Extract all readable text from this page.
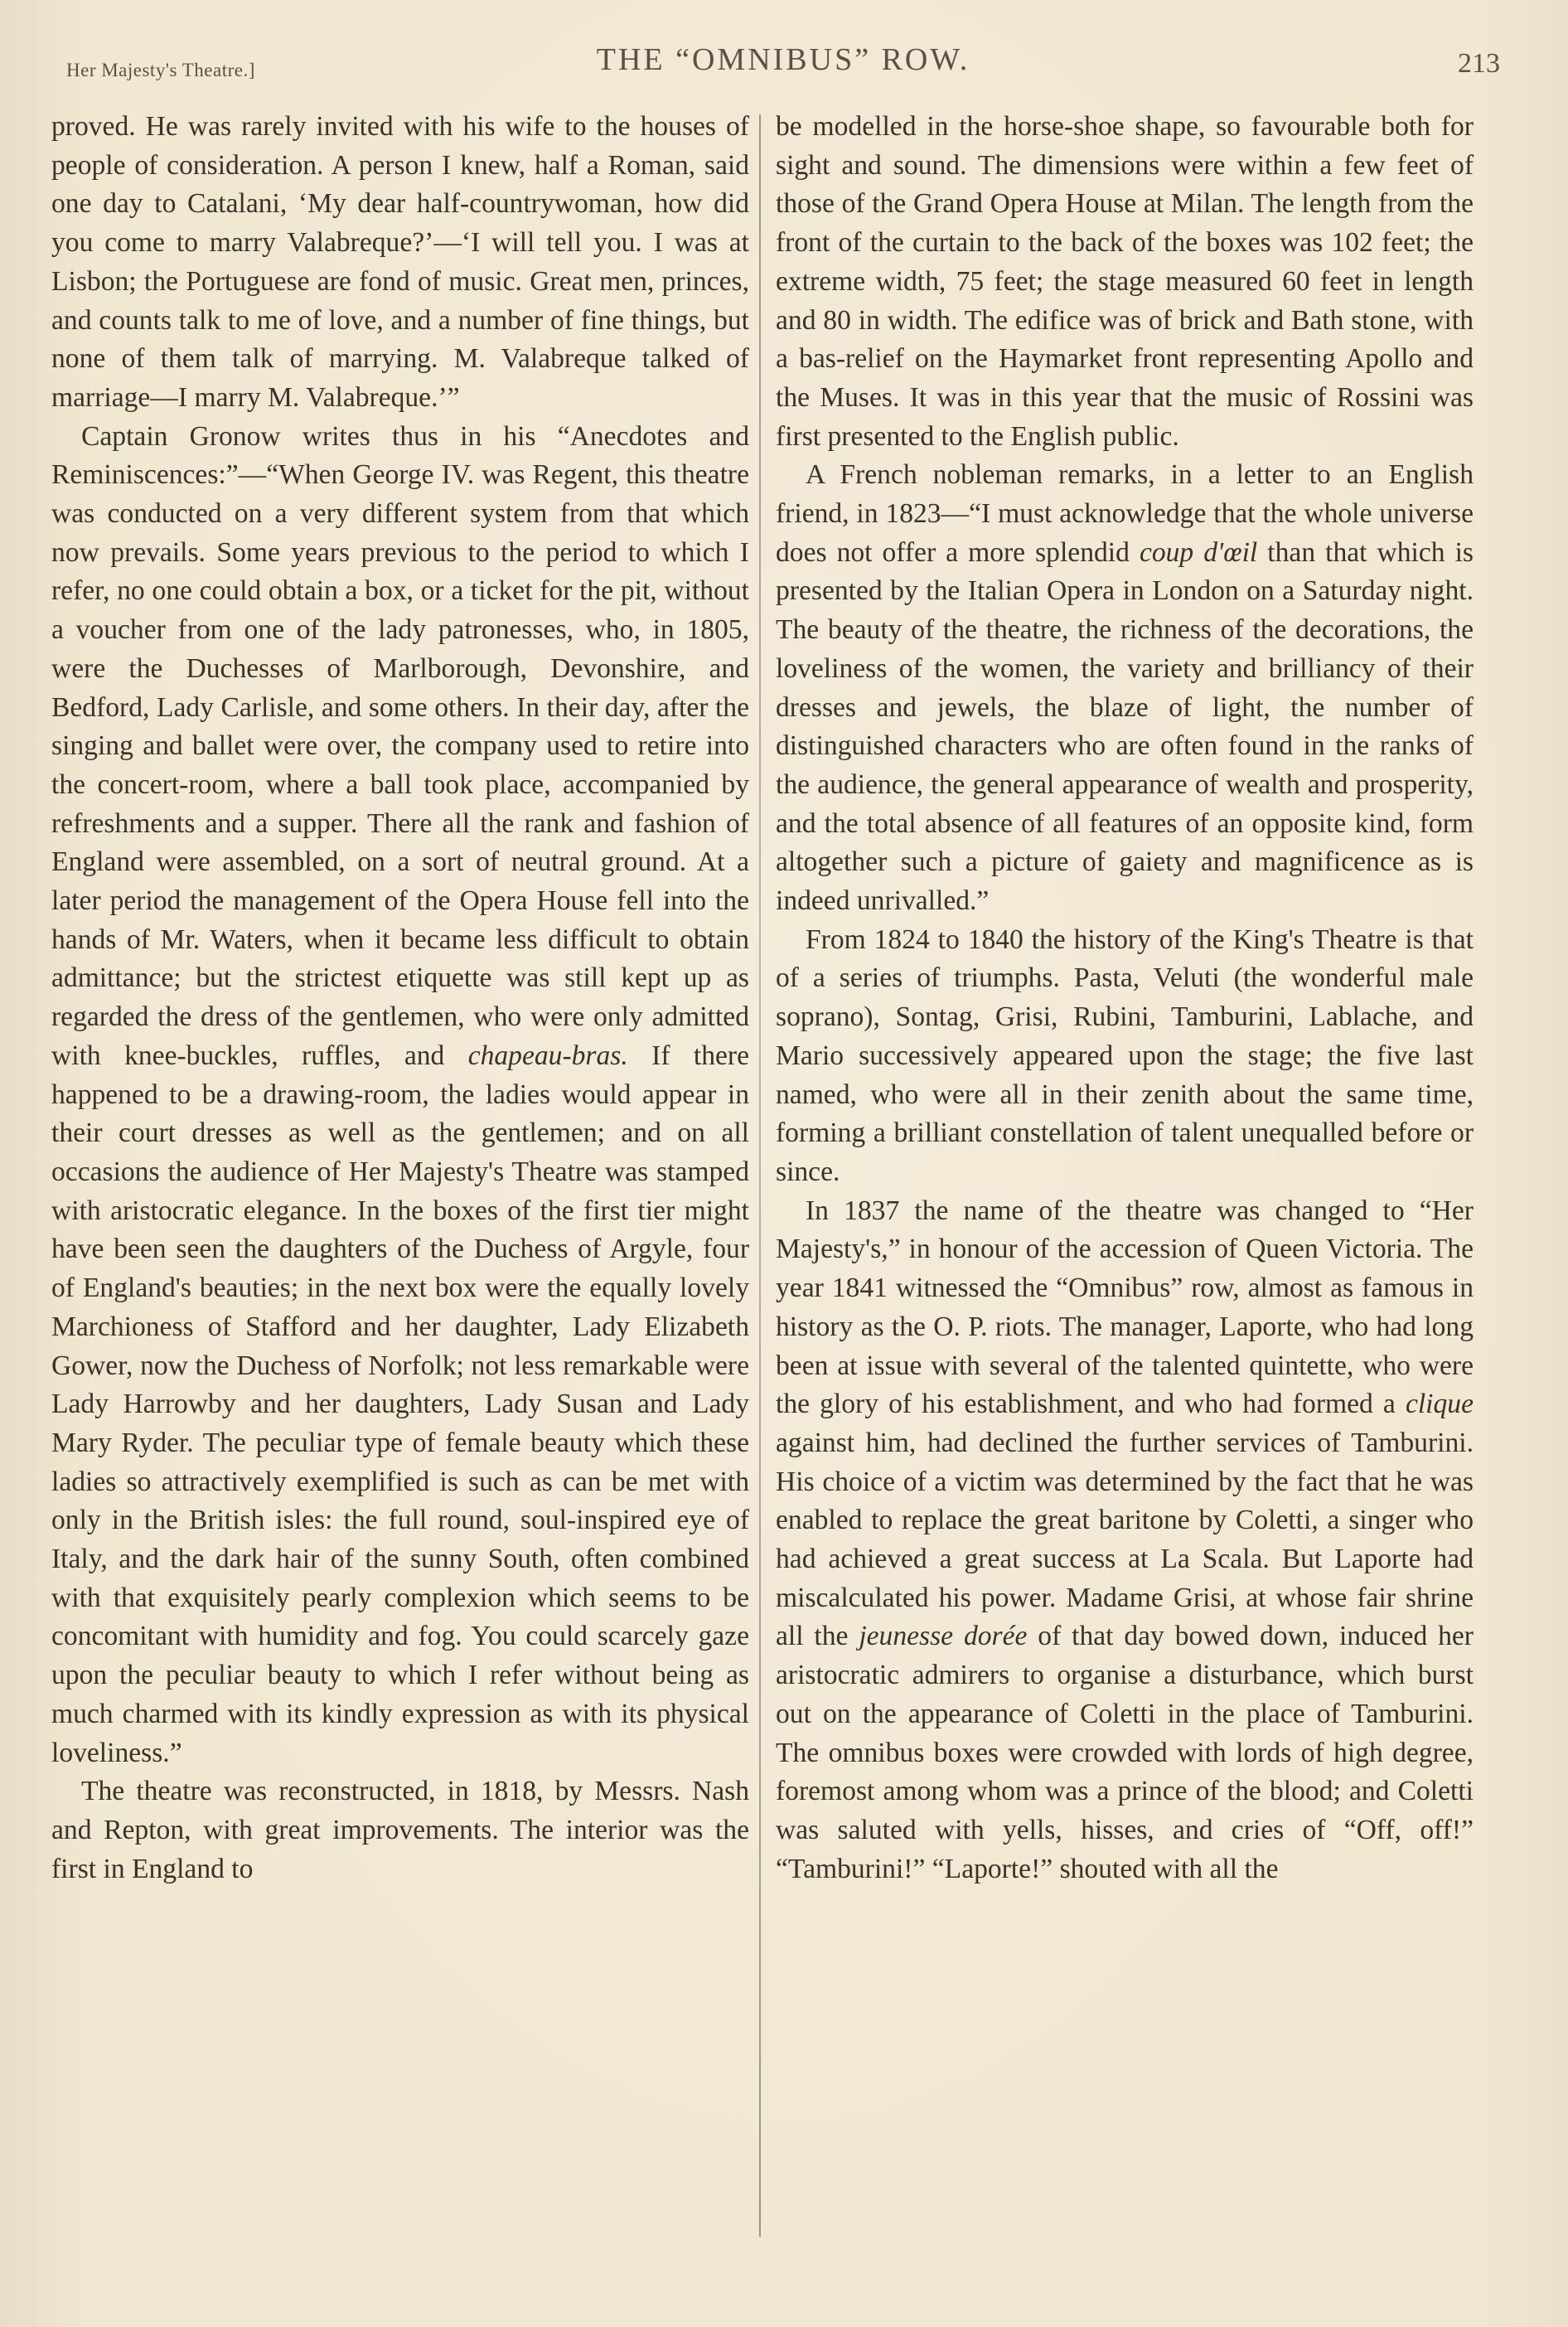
Her Majesty's Theatre.]	THE “OMNIBUS” ROW.	213

proved. He was rarely invited with his wife to the houses of people of consideration. A person I knew, half a Roman, said one day to Catalani, ‘My dear half-countrywoman, how did you come to marry Valabreque?’—‘I will tell you. I was at Lisbon; the Portuguese are fond of music. Great men, princes, and counts talk to me of love, and a number of fine things, but none of them talk of marrying. M. Valabreque talked of marriage—I marry M. Valabreque.’”

Captain Gronow writes thus in his “Anecdotes and Reminiscences:”—“When George IV. was Regent, this theatre was conducted on a very different system from that which now prevails. Some years previous to the period to which I refer, no one could obtain a box, or a ticket for the pit, without a voucher from one of the lady patronesses, who, in 1805, were the Duchesses of Marlborough, Devonshire, and Bedford, Lady Carlisle, and some others. In their day, after the singing and ballet were over, the company used to retire into the concert-room, where a ball took place, accompanied by refreshments and a supper. There all the rank and fashion of England were assembled, on a sort of neutral ground. At a later period the management of the Opera House fell into the hands of Mr. Waters, when it became less difficult to obtain admittance; but the strictest etiquette was still kept up as regarded the dress of the gentlemen, who were only admitted with knee-buckles, ruffles, and chapeau-bras. If there happened to be a drawing-room, the ladies would appear in their court dresses as well as the gentlemen; and on all occasions the audience of Her Majesty's Theatre was stamped with aristocratic elegance. In the boxes of the first tier might have been seen the daughters of the Duchess of Argyle, four of England's beauties; in the next box were the equally lovely Marchioness of Stafford and her daughter, Lady Elizabeth Gower, now the Duchess of Norfolk; not less remarkable were Lady Harrowby and her daughters, Lady Susan and Lady Mary Ryder. The peculiar type of female beauty which these ladies so attractively exemplified is such as can be met with only in the British isles: the full round, soul-inspired eye of Italy, and the dark hair of the sunny South, often combined with that exquisitely pearly complexion which seems to be concomitant with humidity and fog. You could scarcely gaze upon the peculiar beauty to which I refer without being as much charmed with its kindly expression as with its physical loveliness.”

The theatre was reconstructed, in 1818, by Messrs. Nash and Repton, with great improvements. The interior was the first in England to

be modelled in the horse-shoe shape, so favourable both for sight and sound. The dimensions were within a few feet of those of the Grand Opera House at Milan. The length from the front of the curtain to the back of the boxes was 102 feet; the extreme width, 75 feet; the stage measured 60 feet in length and 80 in width. The edifice was of brick and Bath stone, with a bas-relief on the Haymarket front representing Apollo and the Muses. It was in this year that the music of Rossini was first presented to the English public.

A French nobleman remarks, in a letter to an English friend, in 1823—“I must acknowledge that the whole universe does not offer a more splendid coup d'œil than that which is presented by the Italian Opera in London on a Saturday night. The beauty of the theatre, the richness of the decorations, the loveliness of the women, the variety and brilliancy of their dresses and jewels, the blaze of light, the number of distinguished characters who are often found in the ranks of the audience, the general appearance of wealth and prosperity, and the total absence of all features of an opposite kind, form altogether such a picture of gaiety and magnificence as is indeed unrivalled.”

From 1824 to 1840 the history of the King's Theatre is that of a series of triumphs. Pasta, Veluti (the wonderful male soprano), Sontag, Grisi, Rubini, Tamburini, Lablache, and Mario successively appeared upon the stage; the five last named, who were all in their zenith about the same time, forming a brilliant constellation of talent unequalled before or since.

In 1837 the name of the theatre was changed to “Her Majesty's,” in honour of the accession of Queen Victoria. The year 1841 witnessed the “Omnibus” row, almost as famous in history as the O. P. riots. The manager, Laporte, who had long been at issue with several of the talented quintette, who were the glory of his establishment, and who had formed a clique against him, had declined the further services of Tamburini. His choice of a victim was determined by the fact that he was enabled to replace the great baritone by Coletti, a singer who had achieved a great success at La Scala. But Laporte had miscalculated his power. Madame Grisi, at whose fair shrine all the jeunesse dorée of that day bowed down, induced her aristocratic admirers to organise a disturbance, which burst out on the appearance of Coletti in the place of Tamburini. The omnibus boxes were crowded with lords of high degree, foremost among whom was a prince of the blood; and Coletti was saluted with yells, hisses, and cries of “Off, off!” “Tamburini!” “Laporte!” shouted with all the
